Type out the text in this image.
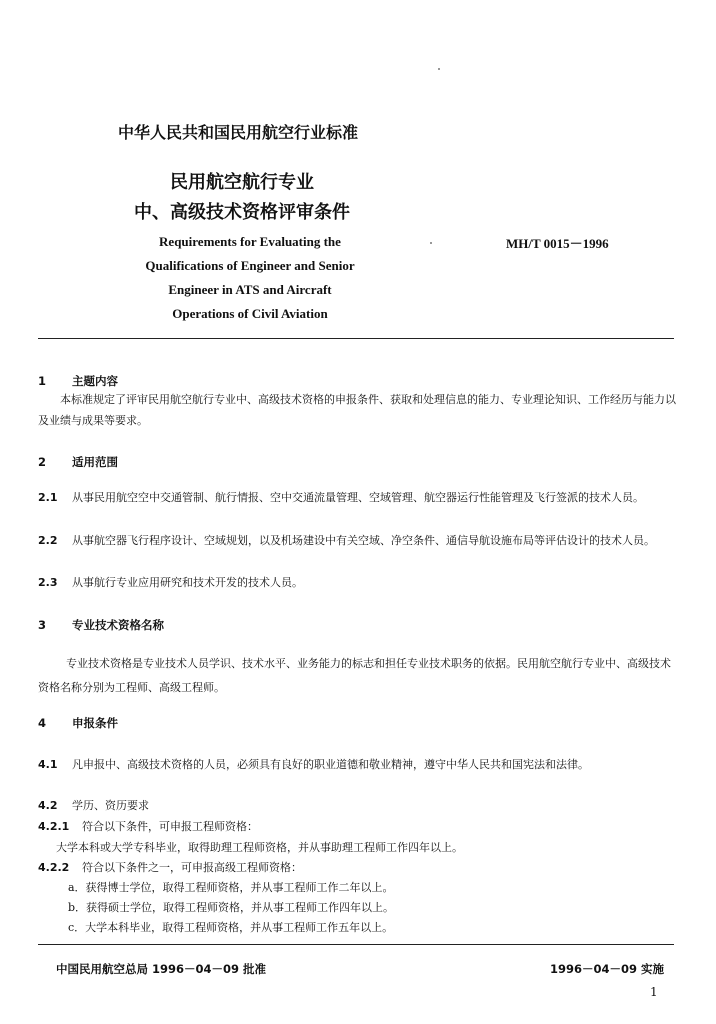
中华人民共和国民用航空行业标准
民用航空航行专业
中、高级技术资格评审条件
Requirements for Evaluating the
Qualifications of Engineer and Senior
Engineer in ATS and Aircraft
Operations of Civil Aviation
MH/T 0015－1996
1 主题内容
本标准规定了评审民用航空航行专业中、高级技术资格的申报条件、获取和处理信息的能力、专业理论知识、工作经历与能力以及业绩与成果等要求。
2 适用范围
2.1 从事民用航空空中交通管制、航行情报、空中交通流量管理、空域管理、航空器运行性能管理及飞行签派的技术人员。
2.2 从事航空器飞行程序设计、空域规划，以及机场建设中有关空域、净空条件、通信导航设施布局等评估设计的技术人员。
2.3 从事航行专业应用研究和技术开发的技术人员。
3 专业技术资格名称
专业技术资格是专业技术人员学识、技术水平、业务能力的标志和担任专业技术职务的依据。民用航空航行专业中、高级技术资格名称分别为工程师、高级工程师。
4 申报条件
4.1 凡申报中、高级技术资格的人员，必须具有良好的职业道德和敬业精神，遵守中华人民共和国宪法和法律。
4.2 学历、资历要求
4.2.1 符合以下条件，可申报工程师资格：
大学本科或大学专科毕业，取得助理工程师资格，并从事助理工程师工作四年以上。
4.2.2 符合以下条件之一，可申报高级工程师资格：
a．获得博士学位，取得工程师资格，并从事工程师工作二年以上。
b．获得硕士学位，取得工程师资格，并从事工程师工作四年以上。
c．大学本科毕业，取得工程师资格，并从事工程师工作五年以上。
中国民用航空总局 1996－04－09 批准	1996－04－09 实施
1
